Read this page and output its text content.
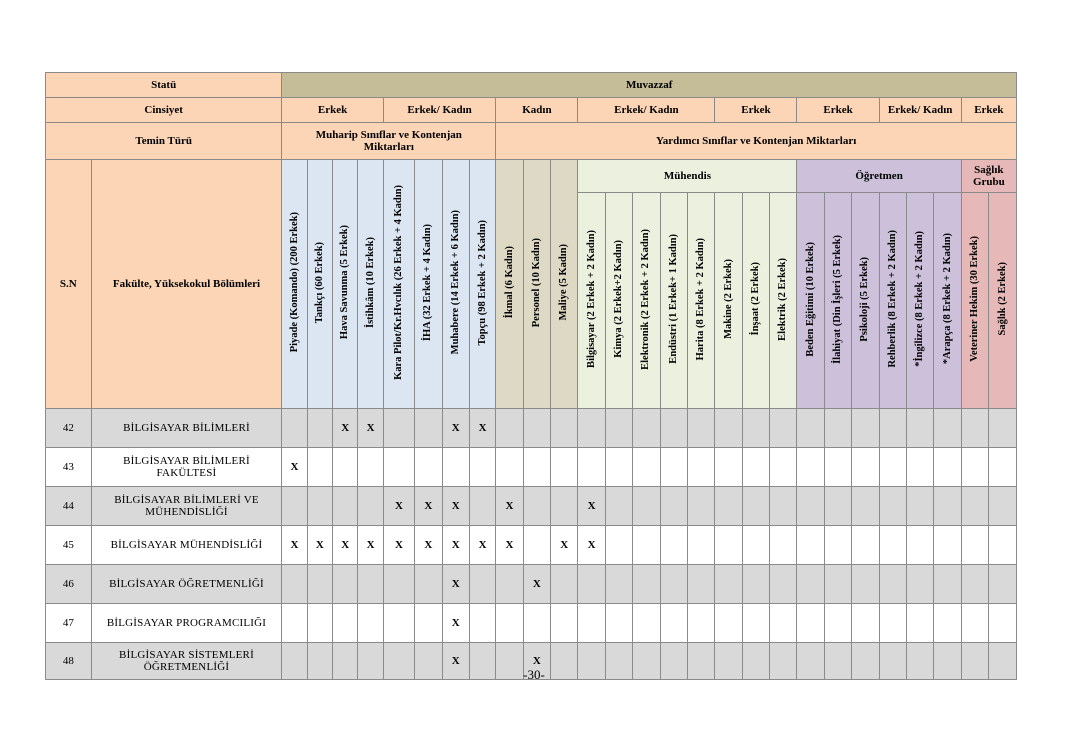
Statü		Muvazzaf																										
Cinsiyet		Erkek				Erkek/ Kadın				Kadın			Erkek/ Kadın					Erkek			Erkek			Erkek/ Kadın			Erkek	
Temin Türü		Muharip Sınıflar ve Kontenjan Miktarları								Yardımcı Sınıflar ve Kontenjan Miktarları																		
S.N	Fakülte, Yüksekokul Bölümleri	Piyade (Komando) (200 Erkek)	Tankçı (60 Erkek)	Hava Savunma (5 Erkek)	İstihkâm (10 Erkek)	Kara Pilot/Kr.Hvcılık (26 Erkek + 4 Kadın)	İHA (32 Erkek + 4 Kadın)	Muhabere (14 Erkek + 6 Kadın)	Topçu (98 Erkek + 2 Kadın)	İkmal (6 Kadın)	Personel (10 Kadın)	Maliye (5 Kadın)	Mühendis								Öğretmen						Sağlık Grubu	
													Bilgisayar (2 Erkek + 2 Kadın)	Kimya (2 Erkek+2 Kadın)	Elektronik (2 Erkek + 2 Kadın)	Endüstri (1 Erkek+ 1 Kadın)	Harita (8 Erkek + 2 Kadın)	Makine (2 Erkek)	İnşaat (2 Erkek)	Elektrik (2 Erkek)	Beden Eğitimi (10 Erkek)	İlahiyat (Din İşleri (5 Erkek)	Psikoloji (5 Erkek)	Rehberlik (8 Erkek + 2 Kadın)	*İngilizce (8 Erkek + 2 Kadın)	*Arapça (8 Erkek + 2 Kadın)	Veteriner Hekim (30 Erkek)	Sağlık (2 Erkek)
42	BİLGİSAYAR BİLİMLERİ			X	X			X	X																			
43	BİLGİSAYAR BİLİMLERİ
FAKÜLTESİ	X																										
44	BİLGİSAYAR BİLİMLERİ VE
MÜHENDİSLİĞİ					X	X	X		X			X															
45	BİLGİSAYAR MÜHENDİSLİĞİ	X	X	X	X	X	X	X	X	X		X	X															
46	BİLGİSAYAR ÖĞRETMENLİĞİ							X			X																	
47	BİLGİSAYAR PROGRAMCILIĞI							X																				
48	BİLGİSAYAR SİSTEMLERİ
ÖĞRETMENLİĞİ							X			X																	
-30-
